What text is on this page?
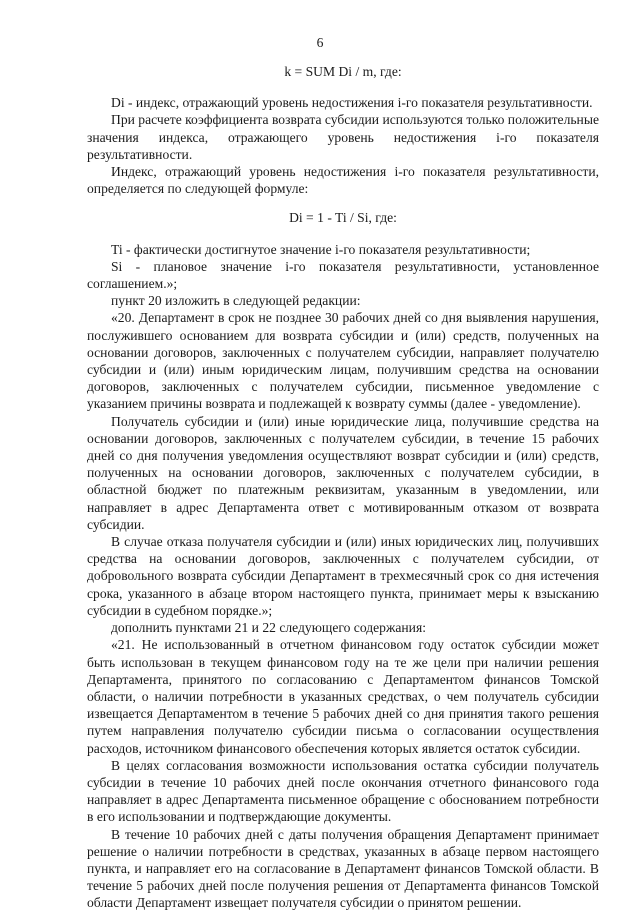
6
k = SUM Di / m, где:

Di - индекс, отражающий уровень недостижения i-го показателя результативности.

При расчете коэффициента возврата субсидии используются только положительные значения индекса, отражающего уровень недостижения i-го показателя результативности.

Индекс, отражающий уровень недостижения i-го показателя результативности, определяется по следующей формуле:

Di = 1 - Ti / Si, где:

Ti - фактически достигнутое значение i-го показателя результативности;

Si - плановое значение i-го показателя результативности, установленное соглашением.»;

пункт 20 изложить в следующей редакции:

«20. Департамент в срок не позднее 30 рабочих дней со дня выявления нарушения, послужившего основанием для возврата субсидии и (или) средств, полученных на основании договоров, заключенных с получателем субсидии, направляет получателю субсидии и (или) иным юридическим лицам, получившим средства на основании договоров, заключенных с получателем субсидии, письменное уведомление с указанием причины возврата и подлежащей к возврату суммы (далее - уведомление).

Получатель субсидии и (или) иные юридические лица, получившие средства на основании договоров, заключенных с получателем субсидии, в течение 15 рабочих дней со дня получения уведомления осуществляют возврат субсидии и (или) средств, полученных на основании договоров, заключенных с получателем субсидии, в областной бюджет по платежным реквизитам, указанным в уведомлении, или направляет в адрес Департамента ответ с мотивированным отказом от возврата субсидии.

В случае отказа получателя субсидии и (или) иных юридических лиц, получивших средства на основании договоров, заключенных с получателем субсидии, от добровольного возврата субсидии Департамент в трехмесячный срок со дня истечения срока, указанного в абзаце втором настоящего пункта, принимает меры к взысканию субсидии в судебном порядке.»;

дополнить пунктами 21 и 22 следующего содержания:

«21. Не использованный в отчетном финансовом году остаток субсидии может быть использован в текущем финансовом году на те же цели при наличии решения Департамента, принятого по согласованию с Департаментом финансов Томской области, о наличии потребности в указанных средствах, о чем получатель субсидии извещается Департаментом в течение 5 рабочих дней со дня принятия такого решения путем направления получателю субсидии письма о согласовании осуществления расходов, источником финансового обеспечения которых является остаток субсидии.

В целях согласования возможности использования остатка субсидии получатель субсидии в течение 10 рабочих дней после окончания отчетного финансового года направляет в адрес Департамента письменное обращение с обоснованием потребности в его использовании и подтверждающие документы.

В течение 10 рабочих дней с даты получения обращения Департамент принимает решение о наличии потребности в средствах, указанных в абзаце первом настоящего пункта, и направляет его на согласование в Департамент финансов Томской области. В течение 5 рабочих дней после получения решения от Департамента финансов Томской области Департамент извещает получателя субсидии о принятом решении.
